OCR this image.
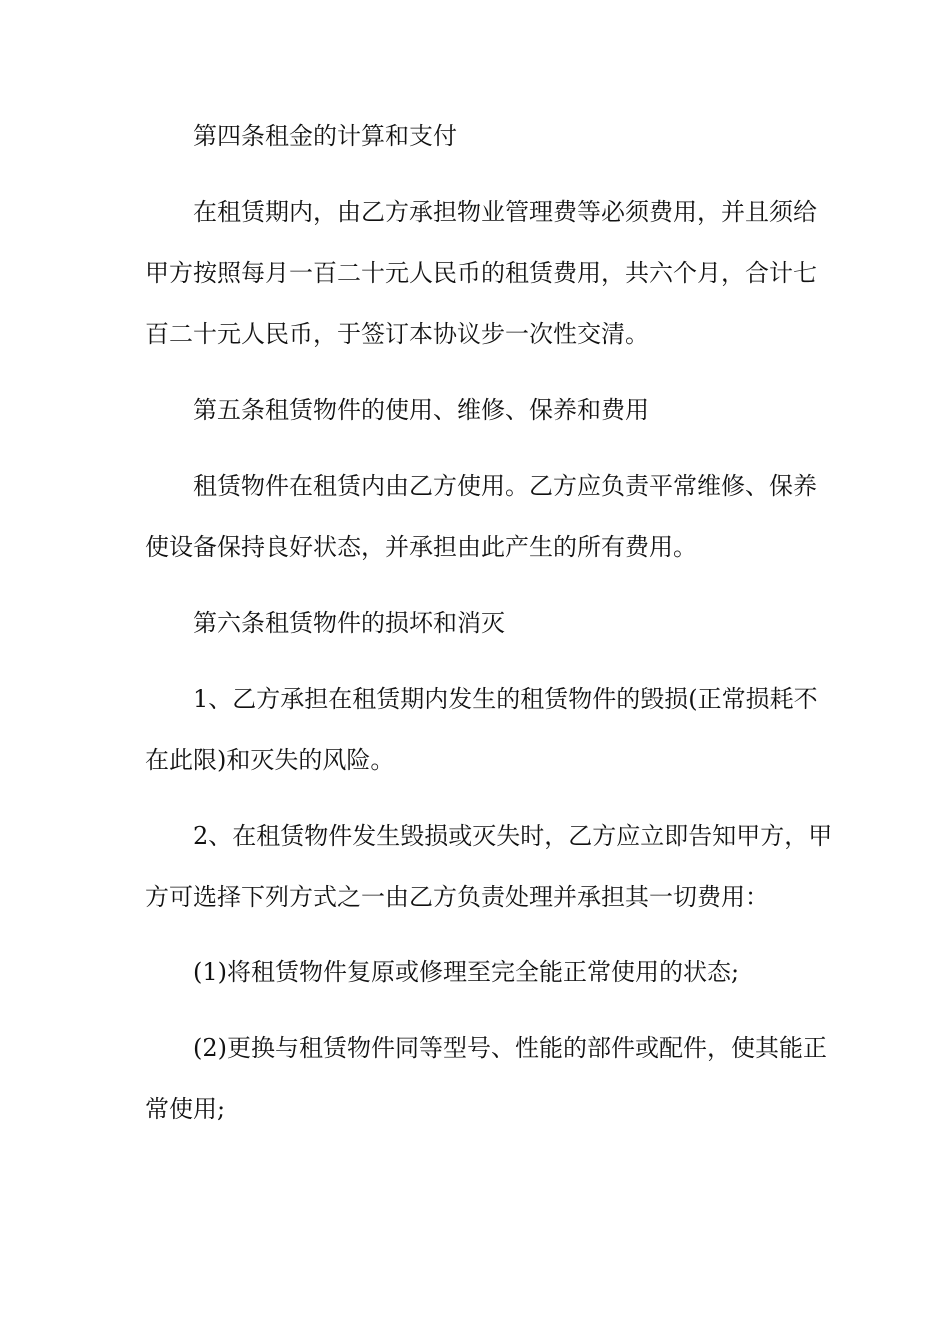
第四条租金的计算和支付
在租赁期内，由乙方承担物业管理费等必须费用，并且须给
甲方按照每月一百二十元人民币的租赁费用，共六个月，合计七
百二十元人民币，于签订本协议步一次性交清。
第五条租赁物件的使用、维修、保养和费用
租赁物件在租赁内由乙方使用。乙方应负责平常维修、保养
使设备保持良好状态，并承担由此产生的所有费用。
第六条租赁物件的损坏和消灭
1、乙方承担在租赁期内发生的租赁物件的毁损(正常损耗不
在此限)和灭失的风险。
2、在租赁物件发生毁损或灭失时，乙方应立即告知甲方，甲
方可选择下列方式之一由乙方负责处理并承担其一切费用：
(1)将租赁物件复原或修理至完全能正常使用的状态;
(2)更换与租赁物件同等型号、性能的部件或配件，使其能正
常使用;
